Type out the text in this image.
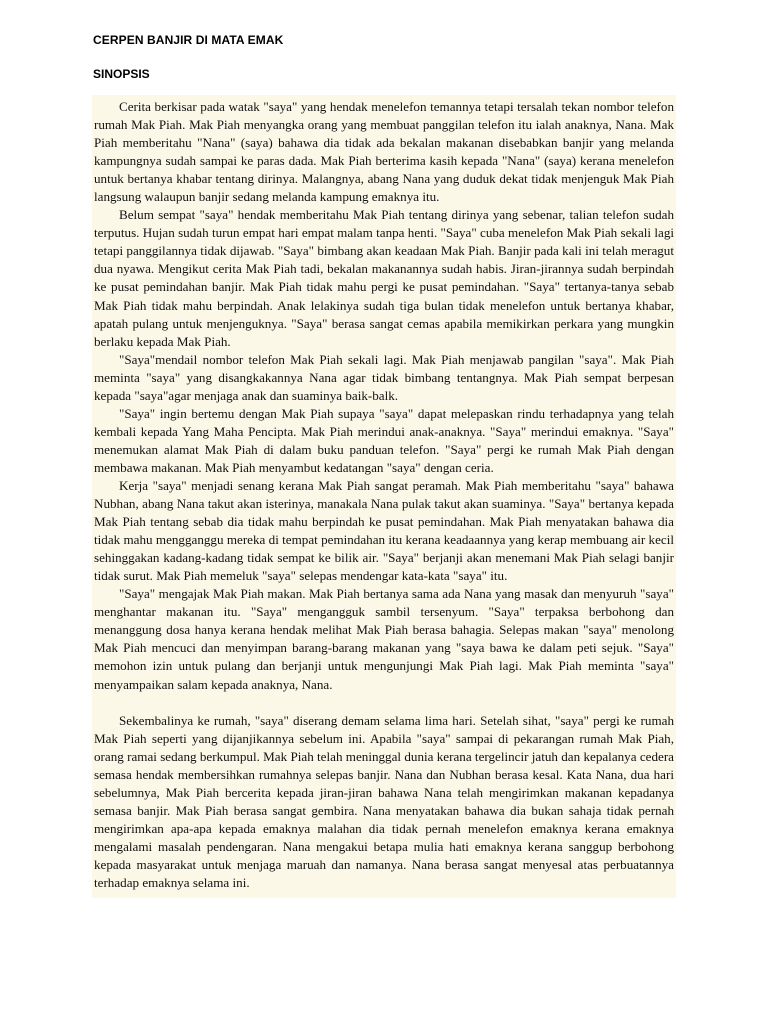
CERPEN BANJIR DI MATA EMAK
SINOPSIS

Cerita berkisar pada watak "saya" yang hendak menelefon temannya tetapi tersalah tekan nombor telefon rumah Mak Piah. Mak Piah menyangka orang yang membuat panggilan telefon itu ialah anaknya, Nana. Mak Piah memberitahu "Nana" (saya) bahawa dia tidak ada bekalan makanan disebabkan banjir yang melanda kampungnya sudah sampai ke paras dada. Mak Piah berterima kasih kepada "Nana" (saya) kerana menelefon untuk bertanya khabar tentang dirinya. Malangnya, abang Nana yang duduk dekat tidak menjenguk Mak Piah langsung walaupun banjir sedang melanda kampung emaknya itu.

Belum sempat "saya" hendak memberitahu Mak Piah tentang dirinya yang sebenar, talian telefon sudah terputus. Hujan sudah turun empat hari empat malam tanpa henti. "Saya" cuba menelefon Mak Piah sekali lagi tetapi panggilannya tidak dijawab. "Saya" bimbang akan keadaan Mak Piah. Banjir pada kali ini telah meragut dua nyawa. Mengikut cerita Mak Piah tadi, bekalan makanannya sudah habis. Jiran-jirannya sudah berpindah ke pusat pemindahan banjir. Mak Piah tidak mahu pergi ke pusat pemindahan. "Saya" tertanya-tanya sebab Mak Piah tidak mahu berpindah. Anak lelakinya sudah tiga bulan tidak menelefon untuk bertanya khabar, apatah pulang untuk menjenguknya. "Saya" berasa sangat cemas apabila memikirkan perkara yang mungkin berlaku kepada Mak Piah.

"Saya"mendail nombor telefon Mak Piah sekali lagi. Mak Piah menjawab pangilan "saya". Mak Piah meminta "saya" yang disangkakannya Nana agar tidak bimbang tentangnya. Mak Piah sempat berpesan kepada "saya"agar menjaga anak dan suaminya baik-balk.

"Saya" ingin bertemu dengan Mak Piah supaya "saya" dapat melepaskan rindu terhadapnya yang telah kembali kepada Yang Maha Pencipta. Mak Piah merindui anak-anaknya. "Saya" merindui emaknya. "Saya" menemukan alamat Mak Piah di dalam buku panduan telefon. "Saya" pergi ke rumah Mak Piah dengan membawa makanan. Mak Piah menyambut kedatangan "saya" dengan ceria.

Kerja "saya" menjadi senang kerana Mak Piah sangat peramah. Mak Piah memberitahu "saya" bahawa Nubhan, abang Nana takut akan isterinya, manakala Nana pulak takut akan suaminya. "Saya" bertanya kepada Mak Piah tentang sebab dia tidak mahu berpindah ke pusat pemindahan. Mak Piah menyatakan bahawa dia tidak mahu mengganggu mereka di tempat pemindahan itu kerana keadaannya yang kerap membuang air kecil sehinggakan kadang-kadang tidak sempat ke bilik air. "Saya" berjanji akan menemani Mak Piah selagi banjir tidak surut. Mak Piah memeluk "saya" selepas mendengar kata-kata "saya" itu.

"Saya" mengajak Mak Piah makan. Mak Piah bertanya sama ada Nana yang masak dan menyuruh "saya" menghantar makanan itu. "Saya" mengangguk sambil tersenyum. "Saya" terpaksa berbohong dan menanggung dosa hanya kerana hendak melihat Mak Piah berasa bahagia. Selepas makan "saya" menolong Mak Piah mencuci dan menyimpan barang-barang makanan yang "saya bawa ke dalam peti sejuk. "Saya" memohon izin untuk pulang dan berjanji untuk mengunjungi Mak Piah lagi. Mak Piah meminta "saya" menyampaikan salam kepada anaknya, Nana.

Sekembalinya ke rumah, "saya" diserang demam selama lima hari. Setelah sihat, "saya" pergi ke rumah Mak Piah seperti yang dijanjikannya sebelum ini. Apabila "saya" sampai di pekarangan rumah Mak Piah, orang ramai sedang berkumpul. Mak Piah telah meninggal dunia kerana tergelincir jatuh dan kepalanya cedera semasa hendak membersihkan rumahnya selepas banjir. Nana dan Nubhan berasa kesal. Kata Nana, dua hari sebelumnya, Mak Piah bercerita kepada jiran-jiran bahawa Nana telah mengirimkan makanan kepadanya semasa banjir. Mak Piah berasa sangat gembira. Nana menyatakan bahawa dia bukan sahaja tidak pernah mengirimkan apa-apa kepada emaknya malahan dia tidak pernah menelefon emaknya kerana emaknya mengalami masalah pendengaran. Nana mengakui betapa mulia hati emaknya kerana sanggup berbohong kepada masyarakat untuk menjaga maruah dan namanya. Nana berasa sangat menyesal atas perbuatannya terhadap emaknya selama ini.
